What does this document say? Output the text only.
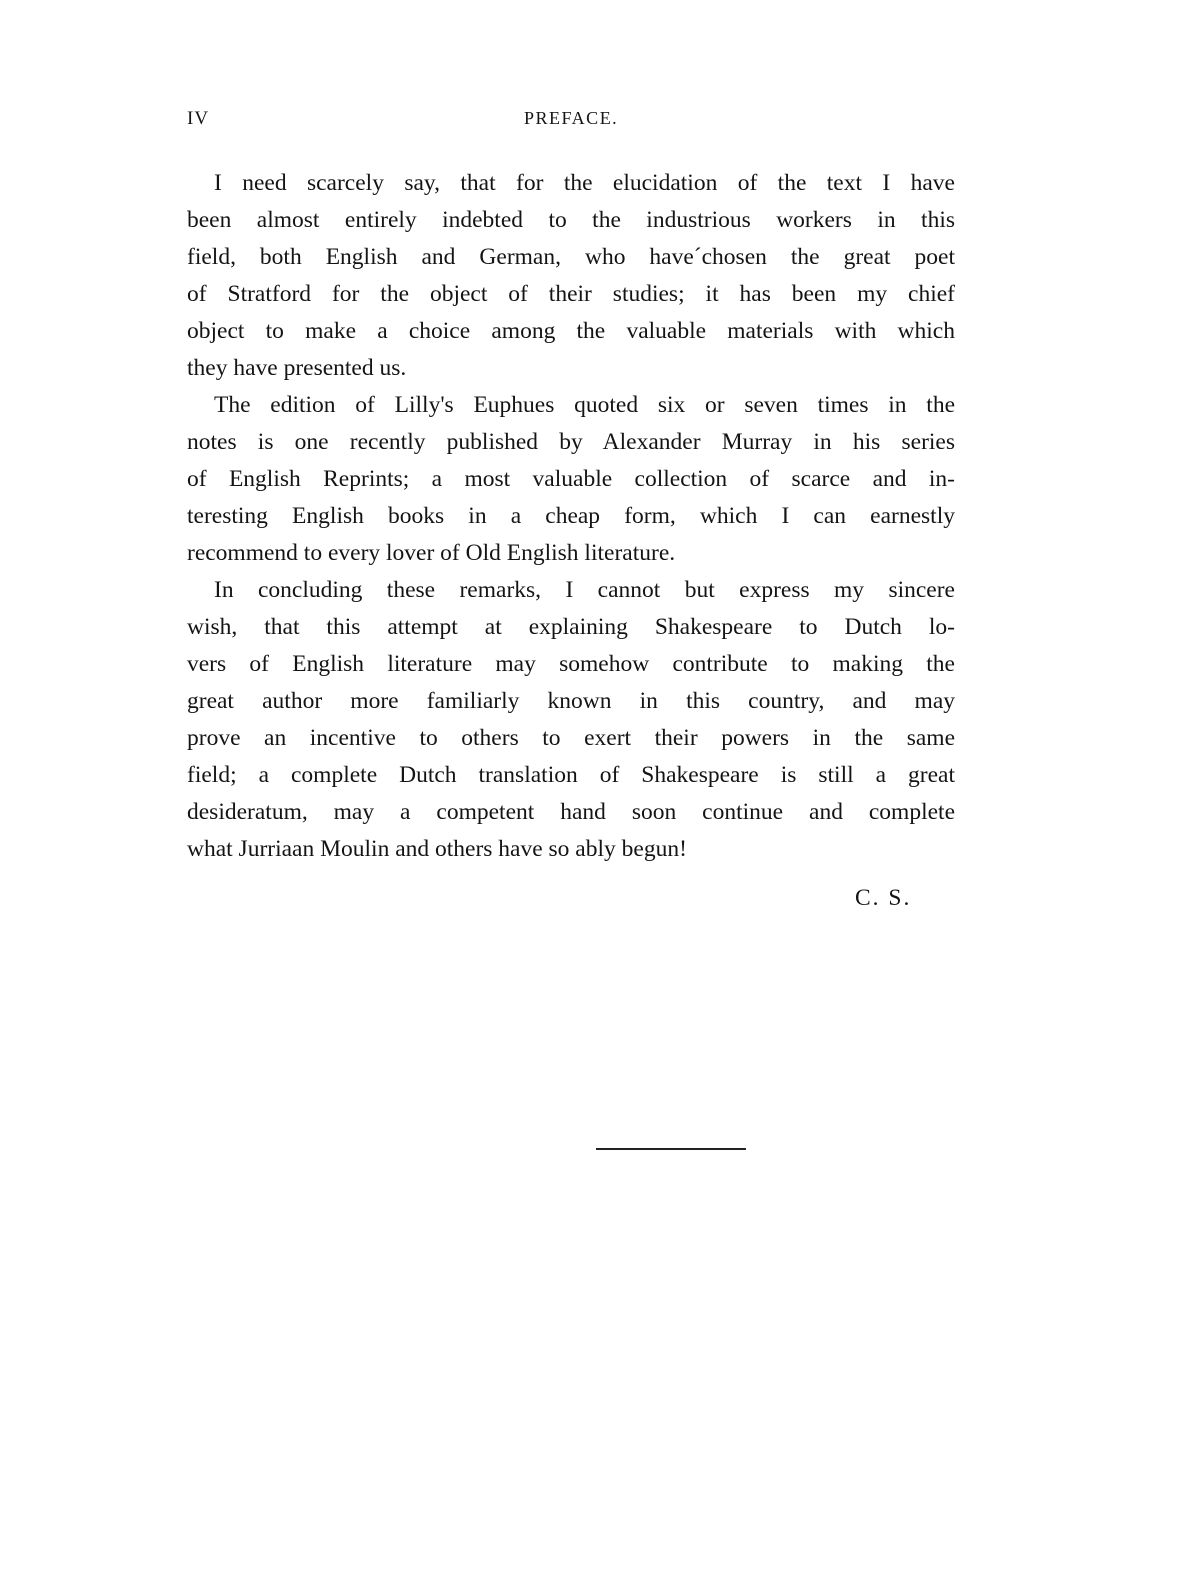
IV	PREFACE.
I need scarcely say, that for the elucidation of the text I have
been almost entirely indebted to the industrious workers in this
field, both English and German, who have´chosen the great poet
of Stratford for the object of their studies; it has been my chief
object to make a choice among the valuable materials with which
they have presented us.
The edition of Lilly's Euphues quoted six or seven times in the
notes is one recently published by Alexander Murray in his series
of English Reprints; a most valuable collection of scarce and in-
teresting English books in a cheap form, which I can earnestly
recommend to every lover of Old English literature.
In concluding these remarks, I cannot but express my sincere
wish, that this attempt at explaining Shakespeare to Dutch lo-
vers of English literature may somehow contribute to making the
great author more familiarly known in this country, and may
prove an incentive to others to exert their powers in the same
field; a complete Dutch translation of Shakespeare is still a great
desideratum, may a competent hand soon continue and complete
what Jurriaan Moulin and others have so ably begun!
C. S.
